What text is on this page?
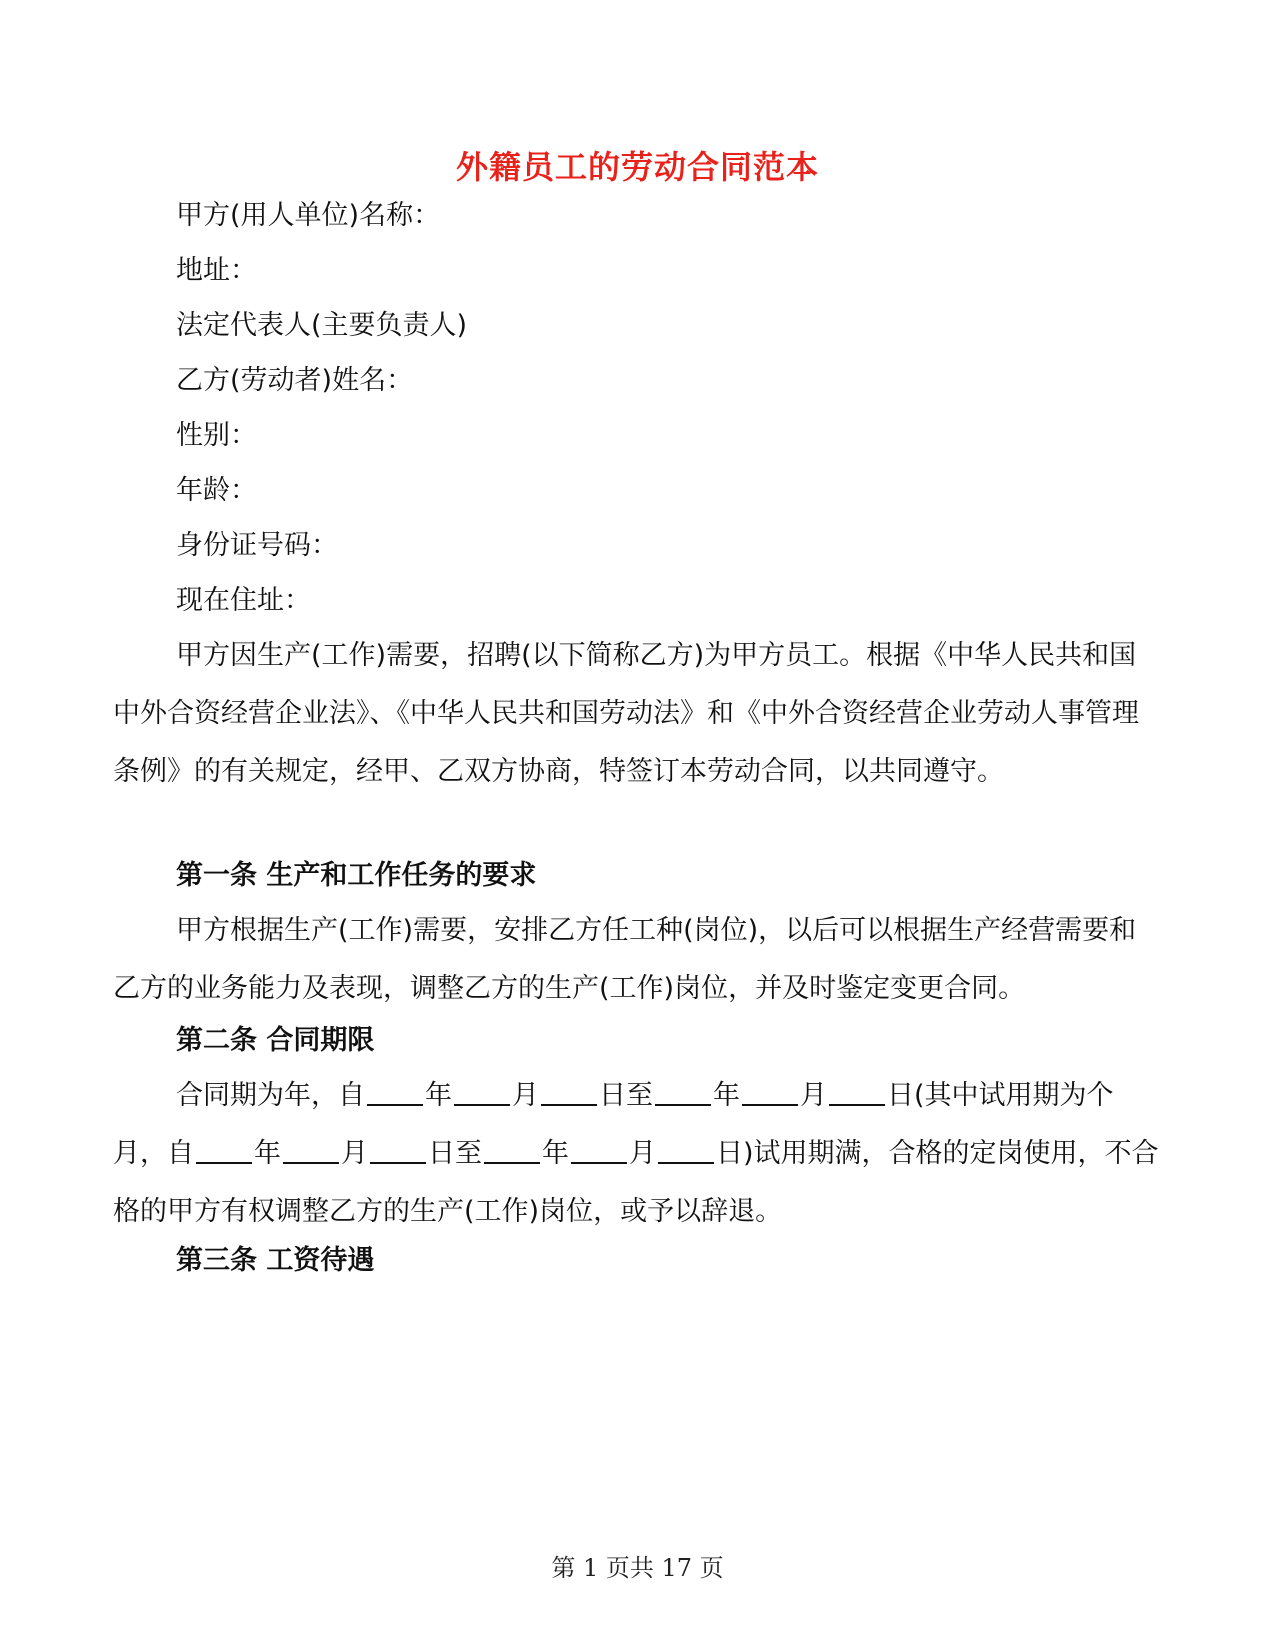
外籍员工的劳动合同范本
甲方(用人单位)名称：
地址：
法定代表人(主要负责人)
乙方(劳动者)姓名：
性别：
年龄：
身份证号码：
现在住址：

甲方因生产(工作)需要，招聘(以下简称乙方)为甲方员工。根据《中华人民共和国中外合资经营企业法》、《中华人民共和国劳动法》和《中外合资经营企业劳动人事管理条例》的有关规定，经甲、乙双方协商，特签订本劳动合同，以共同遵守。

第一条 生产和工作任务的要求

甲方根据生产(工作)需要，安排乙方任工种(岗位)，以后可以根据生产经营需要和乙方的业务能力及表现，调整乙方的生产(工作)岗位，并及时鉴定变更合同。

第二条 合同期限

合同期为年，自 年 月 日至 年 月 日(其中试用期为个月，自 年 月 日至 年 月 日)试用期满，合格的定岗使用，不合格的甲方有权调整乙方的生产(工作)岗位，或予以辞退。

第三条 工资待遇
第 1 页共 17 页
